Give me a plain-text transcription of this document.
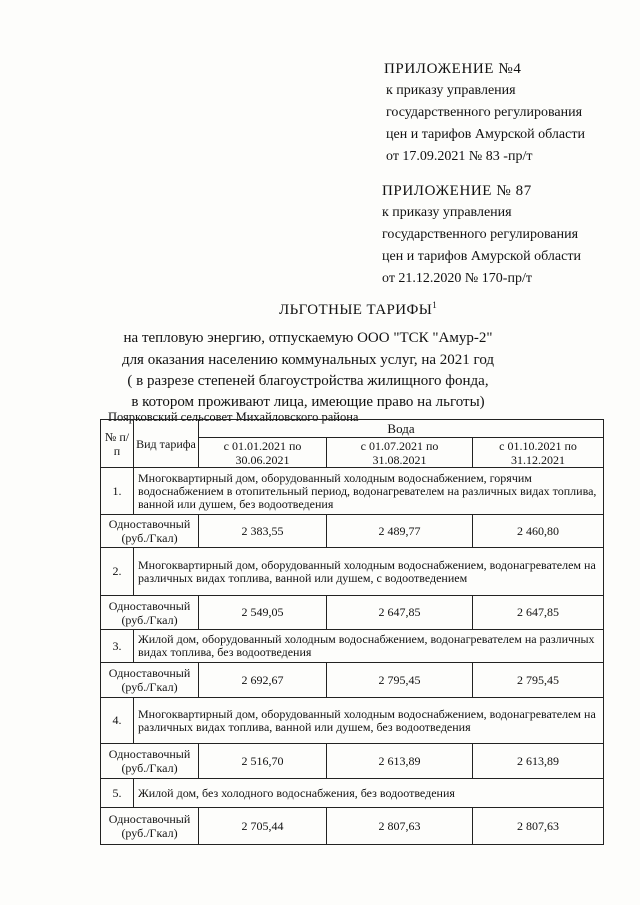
ПРИЛОЖЕНИЕ №4
к приказу управления
государственного регулирования
цен и тарифов Амурской области
от 17.09.2021 № 83 -пр/т
ПРИЛОЖЕНИЕ № 87
к приказу управления
государственного регулирования
цен и тарифов Амурской области
от 21.12.2020 № 170-пр/т
ЛЬГОТНЫЕ ТАРИФЫ$^1$
на тепловую энергию, отпускаемую ООО "ТСК "Амур-2"
для оказания населению коммунальных услуг, на 2021 год
( в разрезе степеней благоустройства жилищного фонда,
в котором проживают лица, имеющие право на льготы)
Поярковский сельсовет Михайловского района
№ п/п	Вид тарифа	Вода		
		с 01.01.2021 по 30.06.2021	с 01.07.2021 по 31.08.2021	с 01.10.2021 по 31.12.2021
1.	Многоквартирный дом, оборудованный холодным водоснабжением, горячим водоснабжением в отопительный период, водонагревателем на различных видах топлива, ванной или душем, без водоотведения			
Одноставочный (руб./Гкал)		2 383,55	2 489,77	2 460,80
2.	Многоквартирный дом, оборудованный холодным водоснабжением, водонагревателем на различных видах топлива, ванной или душем, с водоотведением			
Одноставочный (руб./Гкал)		2 549,05	2 647,85	2 647,85
3.	Жилой дом, оборудованный холодным водоснабжением, водонагревателем на различных видах топлива, без водоотведения			
Одноставочный (руб./Гкал)		2 692,67	2 795,45	2 795,45
4.	Многоквартирный дом, оборудованный холодным водоснабжением, водонагревателем на различных видах топлива, ванной или душем, без водоотведения			
Одноставочный (руб./Гкал)		2 516,70	2 613,89	2 613,89
5.	Жилой дом, без холодного водоснабжения, без водоотведения			
Одноставочный (руб./Гкал)		2 705,44	2 807,63	2 807,63
